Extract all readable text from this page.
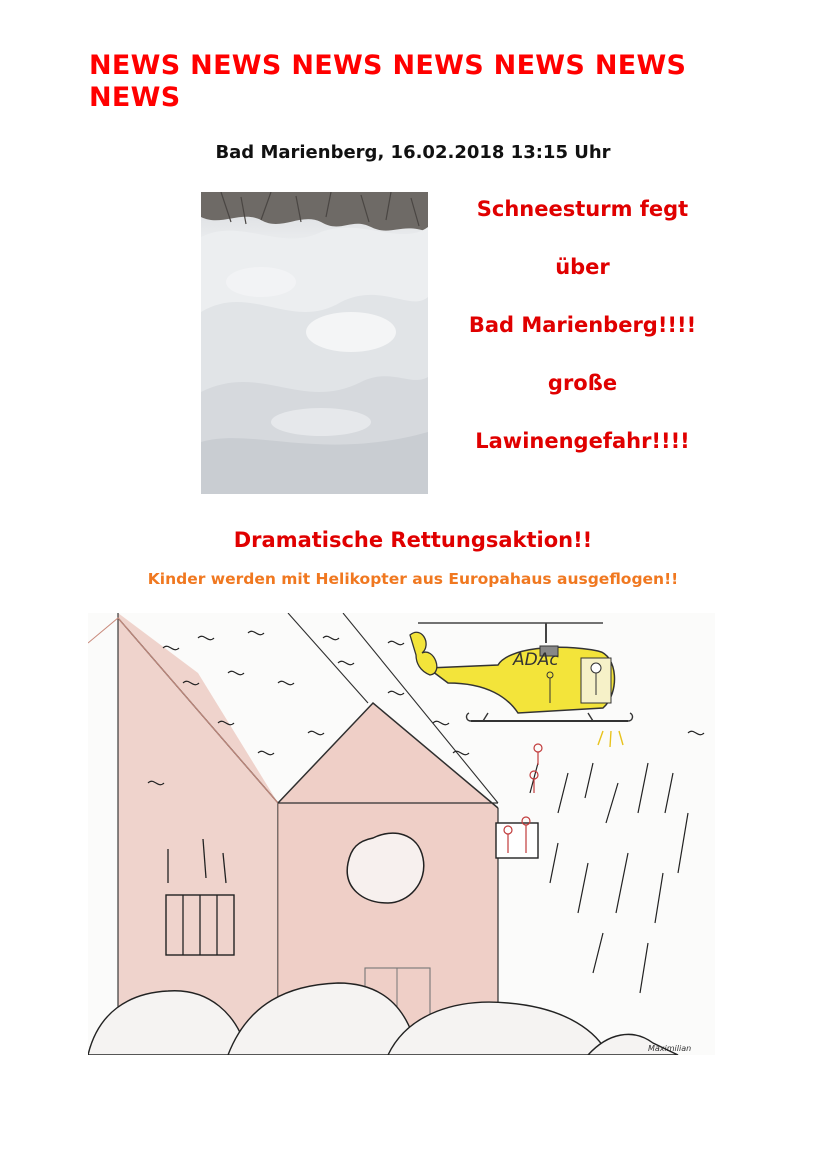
NEWS NEWS NEWS NEWS NEWS NEWS NEWS
Bad Marienberg, 16.02.2018 13:15 Uhr
Schneesturm fegt
über
Bad Marienberg!!!!
große
Lawinengefahr!!!!
Dramatische Rettungsaktion!!
Kinder werden mit Helikopter aus Europahaus ausgeflogen!!
ADAc
Maximilian
